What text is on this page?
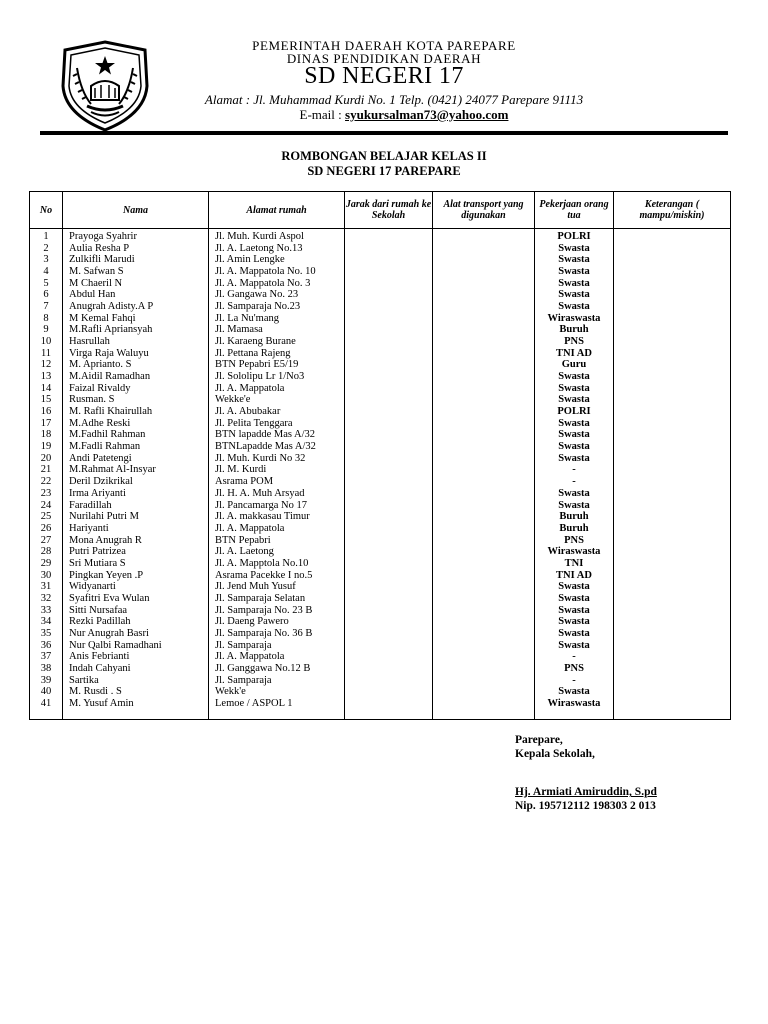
PEMERINTAH DAERAH KOTA PAREPARE
DINAS PENDIDIKAN DAERAH
SD NEGERI 17
Alamat : Jl. Muhammad Kurdi No. 1 Telp. (0421) 24077 Parepare 91113
E-mail : syukursalman73@yahoo.com
ROMBONGAN BELAJAR KELAS II
SD NEGERI 17 PAREPARE
No	Nama	Alamat rumah	Jarak dari rumah ke Sekolah	Alat transport yang digunakan	Pekerjaan orang tua	Keterangan ( mampu/miskin)
1	Prayoga Syahrir	Jl. Muh. Kurdi Aspol			POLRI	
2	Aulia Resha P	Jl. A. Laetong No.13			Swasta	
3	Zulkifli Marudi	Jl. Amin Lengke			Swasta	
4	M. Safwan S	Jl. A. Mappatola No. 10			Swasta	
5	M Chaeril N	Jl. A. Mappatola No. 3			Swasta	
6	Abdul Han	Jl. Gangawa No. 23			Swasta	
7	Anugrah Adisty.A P	Jl. Samparaja No.23			Swasta	
8	M Kemal Fahqi	Jl. La Nu'mang			Wiraswasta	
9	M.Rafli Apriansyah	Jl. Mamasa			Buruh	
10	Hasrullah	Jl. Karaeng Burane			PNS	
11	Virga Raja Waluyu	Jl. Pettana Rajeng			TNI AD	
12	M. Aprianto. S	BTN Pepabri E5/19			Guru	
13	M.Aidil Ramadhan	Jl. Sololipu Lr 1/No3			Swasta	
14	Faizal Rivaldy	Jl. A. Mappatola			Swasta	
15	Rusman. S	Wekke'e			Swasta	
16	M. Rafli Khairullah	Jl. A. Abubakar			POLRI	
17	M.Adhe Reski	Jl. Pelita Tenggara			Swasta	
18	M.Fadhil Rahman	BTN lapadde Mas A/32			Swasta	
19	M.Fadli Rahman	BTNLapadde Mas A/32			Swasta	
20	Andi Patetengi	Jl. Muh. Kurdi No 32			Swasta	
21	M.Rahmat Al-Insyar	Jl. M. Kurdi			-	
22	Deril Dzikrikal	Asrama POM			-	
23	Irma Ariyanti	Jl. H. A. Muh Arsyad			Swasta	
24	Faradillah	Jl. Pancamarga No 17			Swasta	
25	Nurilahi Putri M	Jl. A. makkasau Timur			Buruh	
26	Hariyanti	Jl. A. Mappatola			Buruh	
27	Mona Anugrah R	BTN Pepabri			PNS	
28	Putri Patrizea	Jl. A. Laetong			Wiraswasta	
29	Sri Mutiara S	Jl. A. Mapptola No.10			TNI	
30	Pingkan Yeyen .P	Asrama Pacekke I no.5			TNI AD	
31	Widyanarti	Jl. Jend Muh Yusuf			Swasta	
32	Syafitri Eva Wulan	Jl. Samparaja Selatan			Swasta	
33	Sitti Nursafaa	Jl. Samparaja No. 23 B			Swasta	
34	Rezki Padillah	Jl. Daeng Pawero			Swasta	
35	Nur Anugrah Basri	Jl. Samparaja No. 36 B			Swasta	
36	Nur Qalbi Ramadhani	Jl. Samparaja			Swasta	
37	Anis Febrianti	Jl. A. Mappatola			-	
38	Indah Cahyani	Jl. Ganggawa No.12 B			PNS	
39	Sartika	Jl. Samparaja			-	
40	M. Rusdi . S	Wekk'e			Swasta	
41	M. Yusuf Amin	Lemoe / ASPOL 1			Wiraswasta	
Parepare,
Kepala Sekolah,
Hj. Armiati Amiruddin, S.pd
Nip. 195712112 198303 2 013
